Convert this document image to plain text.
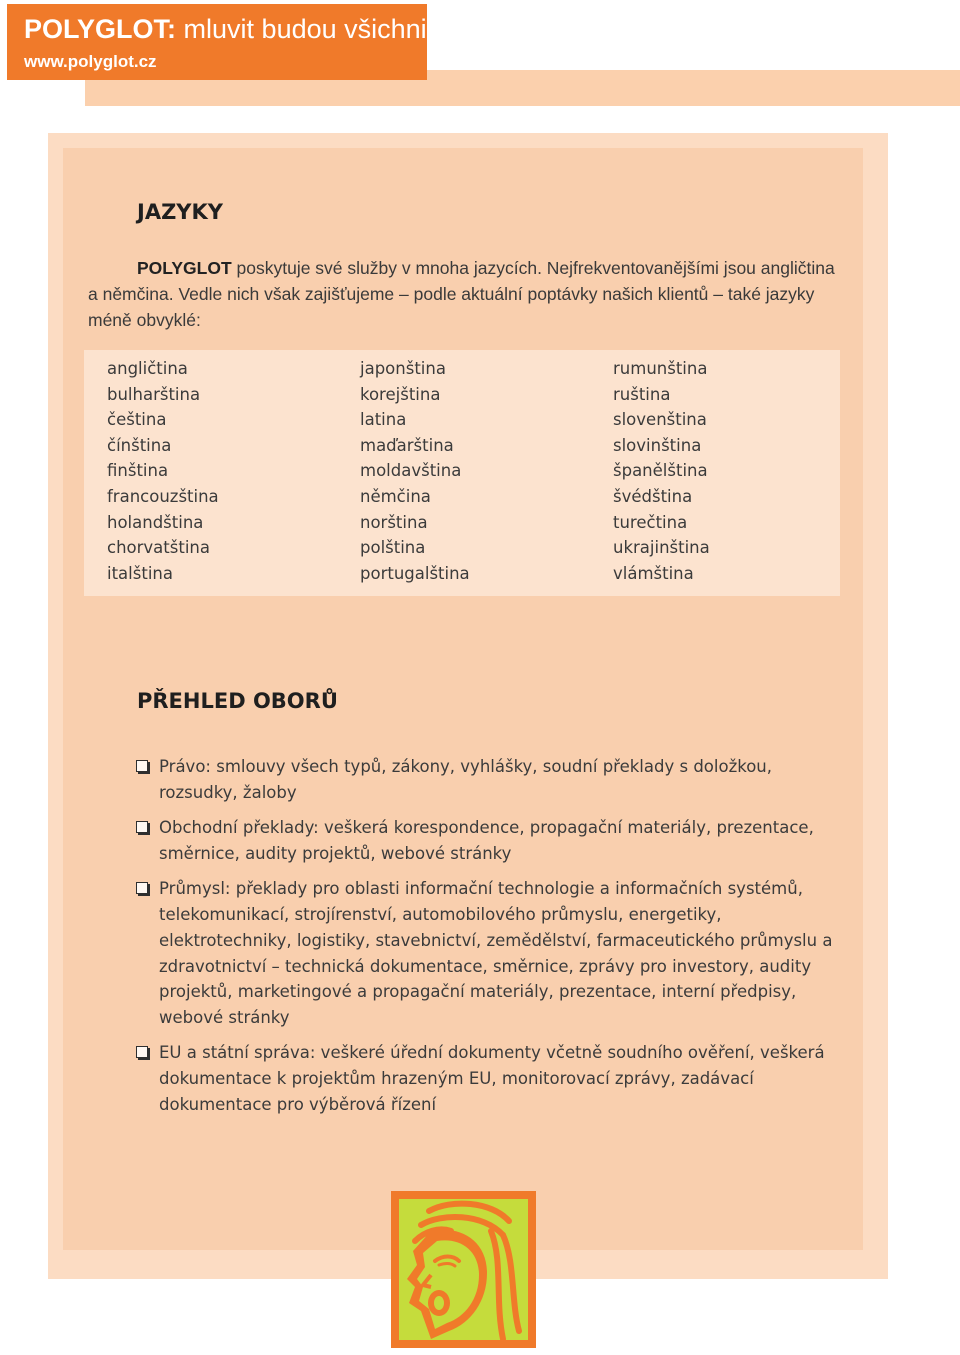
POLYGLOT: mluvit budou všichni…

www.polyglot.cz
JAZYKY

POLYGLOT poskytuje své služby v mnoha jazycích. Nejfrekventovanějšími jsou angličtina a němčina. Vedle nich však zajišťujeme – podle aktuální poptávky našich klientů – také jazyky méně obvyklé:

angličtina
bulharština
čeština
čínština
finština
francouzština
holandština
chorvatština
italština
japonština
korejština
latina
maďarština
moldavština
němčina
norština
polština
portugalština
rumunština
ruština
slovenština
slovinština
španělština
švédština
turečtina
ukrajinština
vlámština
PŘEHLED OBORŮ
Právo: smlouvy všech typů, zákony, vyhlášky, soudní překlady s doložkou, rozsudky, žaloby
Obchodní překlady: veškerá korespondence, propagační materiály, prezentace, směrnice, audity projektů, webové stránky
Průmysl: překlady pro oblasti informační technologie a informačních systémů, telekomunikací, strojírenství, automobilového průmyslu, energetiky, elektrotechniky, logistiky, stavebnictví, zemědělství, farmaceutického průmyslu a zdravotnictví – technická dokumentace, směrnice, zprávy pro investory, audity projektů, marketingové a propagační materiály, prezentace, interní předpisy, webové stránky
EU a státní správa: veškeré úřední dokumenty včetně soudního ověření, veškerá dokumentace k projektům hrazeným EU, monitorovací zprávy, zadávací dokumentace pro výběrová řízení
